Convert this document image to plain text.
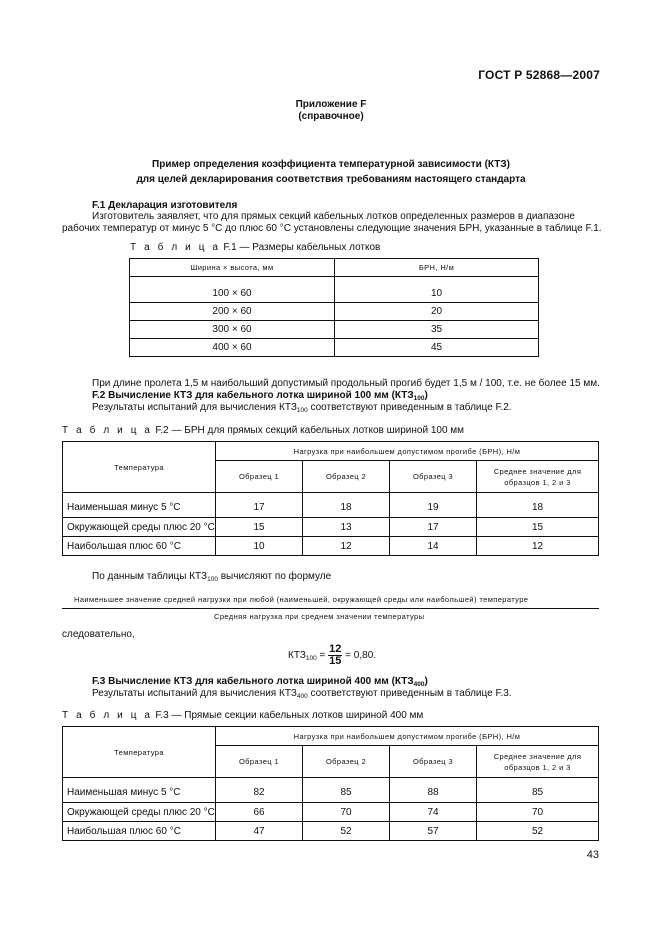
ГОСТ Р 52868—2007
Приложение F
(справочное)
Пример определения коэффициента температурной зависимости (КТЗ)
для целей декларирования соответствия требованиям настоящего стандарта
F.1 Декларация изготовителя
Изготовитель заявляет, что для прямых секций кабельных лотков определенных размеров в диапазоне
рабочих температур от минус 5 °С до плюс 60 °С установлены следующие значения БРН, указанные в таблице F.1.
Т а б л и ц а F.1 — Размеры кабельных лотков
Ширина × высота, мм	БРН, Н/м

100 × 60	10
200 × 60	20
300 × 60	35
400 × 60	45
При длине пролета 1,5 м наибольший допустимый продольный прогиб будет 1,5 м / 100, т.е. не более 15 мм.
F.2 Вычисление КТЗ для кабельного лотка шириной 100 мм $(КТЗ_{100})$
Результаты испытаний для вычисления $КТЗ_{100}$ соответствуют приведенным в таблице F.2.
Т а б л и ц а F.2 — БРН для прямых секций кабельных лотков шириной 100 мм
Температура	Нагрузка при наибольшем допустимом прогибе (БРН), Н/м			
	Образец 1	Образец 2	Образец 3	Среднее значение для
образцов 1, 2 и 3

Наименьшая минус 5 °С	17	18	19	18
Окружающей среды плюс 20 °С	15	13	17	15
Наибольшая плюс 60 °С	10	12	14	12
По данным таблицы $КТЗ_{100}$ вычисляют по формуле
Наименьшее значение средней нагрузки при любой (наименьшей, окружающей среды или наибольшей) температуре
Средняя нагрузка при среднем значении температуры
следовательно,
$КТЗ_{100} = \frac{12}{15} = 0,80$.
F.3 Вычисление КТЗ для кабельного лотка шириной 400 мм $(КТЗ_{400})$
Результаты испытаний для вычисления $КТЗ_{400}$ соответствуют приведенным в таблице F.3.
Т а б л и ц а F.3 — Прямые секции кабельных лотков шириной 400 мм
Температура	Нагрузка при наибольшем допустимом прогибе (БРН), Н/м			
	Образец 1	Образец 2	Образец 3	Среднее значение для
образцов 1, 2 и 3

Наименьшая минус 5 °С	82	85	88	85
Окружающей среды плюс 20 °С	66	70	74	70
Наибольшая плюс 60 °С	47	52	57	52
43
